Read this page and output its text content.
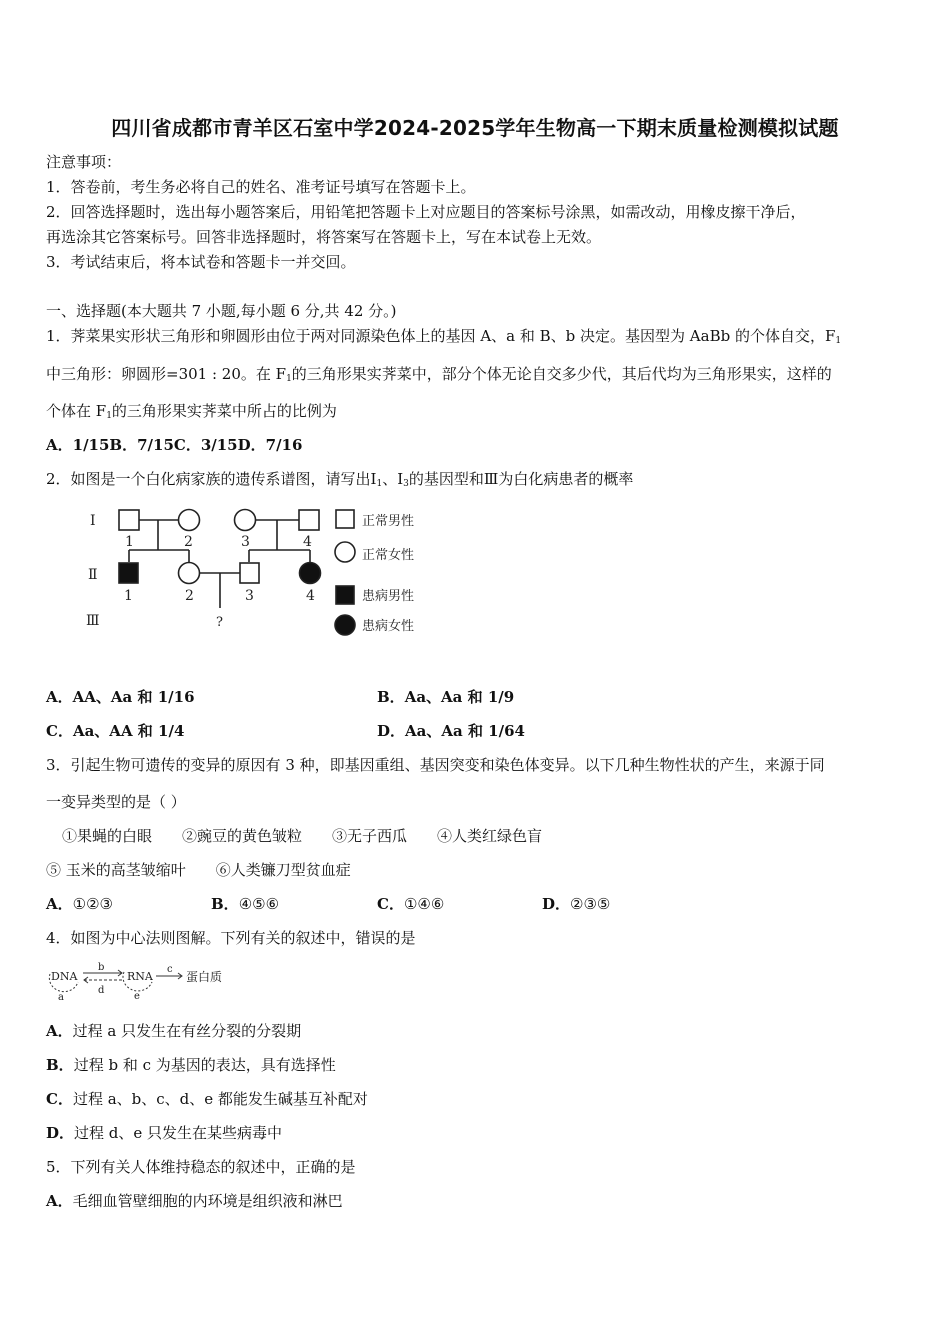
四川省成都市青羊区石室中学2024-2025学年生物高一下期末质量检测模拟试题
注意事项：
1．答卷前，考生务必将自己的姓名、准考证号填写在答题卡上。
2．回答选择题时，选出每小题答案后，用铅笔把答题卡上对应题目的答案标号涂黑，如需改动，用橡皮擦干净后，
再选涂其它答案标号。回答非选择题时，将答案写在答题卡上，写在本试卷上无效。
3．考试结束后，将本试卷和答题卡一并交回。
一、选择题(本大题共 7 小题,每小题 6 分,共 42 分。)
1．荠菜果实形状三角形和卵圆形由位于两对同源染色体上的基因 A、a 和 B、b 决定。基因型为 AaBb 的个体自交，$F_1$
中三角形：卵圆形=301 : 20。在 $F_1$的三角形果实荠菜中，部分个体无论自交多少代，其后代均为三角形果实，这样的
个体在 $F_1$的三角形果实荠菜中所占的比例为
A．1/15B．7/15C．3/15D．7/16
2．如图是一个白化病家族的遗传系谱图，请写出$Ⅰ_1$、$Ⅰ_3$的基因型和Ⅲ为白化病患者的概率
Ⅰ
Ⅱ
Ⅲ
1	2	3	4
1	2	3	4
?
正常男性
正常女性
患病男性
患病女性
A．AA、Aa 和 1/16	B．Aa、Aa 和 1/9
C．Aa、AA 和 1/4	D．Aa、Aa 和 1/64
3．引起生物可遗传的变异的原因有 3 种，即基因重组、基因突变和染色体变异。以下几种生物性状的产生，来源于同
一变异类型的是（ ）
①果蝇的白眼　　②豌豆的黄色皱粒　　③无子西瓜　　④人类红绿色盲
⑤ 玉米的高茎皱缩叶　　⑥人类镰刀型贫血症
A．①②③	B．④⑤⑥	C．①④⑥	D．②③⑤
4．如图为中心法则图解。下列有关的叙述中，错误的是
DNA	RNA	蛋白质
a
b	c
d
e
A．过程 a 只发生在有丝分裂的分裂期
B．过程 b 和 c 为基因的表达，具有选择性
C．过程 a、b、c、d、e 都能发生碱基互补配对
D．过程 d、e 只发生在某些病毒中
5．下列有关人体维持稳态的叙述中，正确的是
A．毛细血管壁细胞的内环境是组织液和淋巴
